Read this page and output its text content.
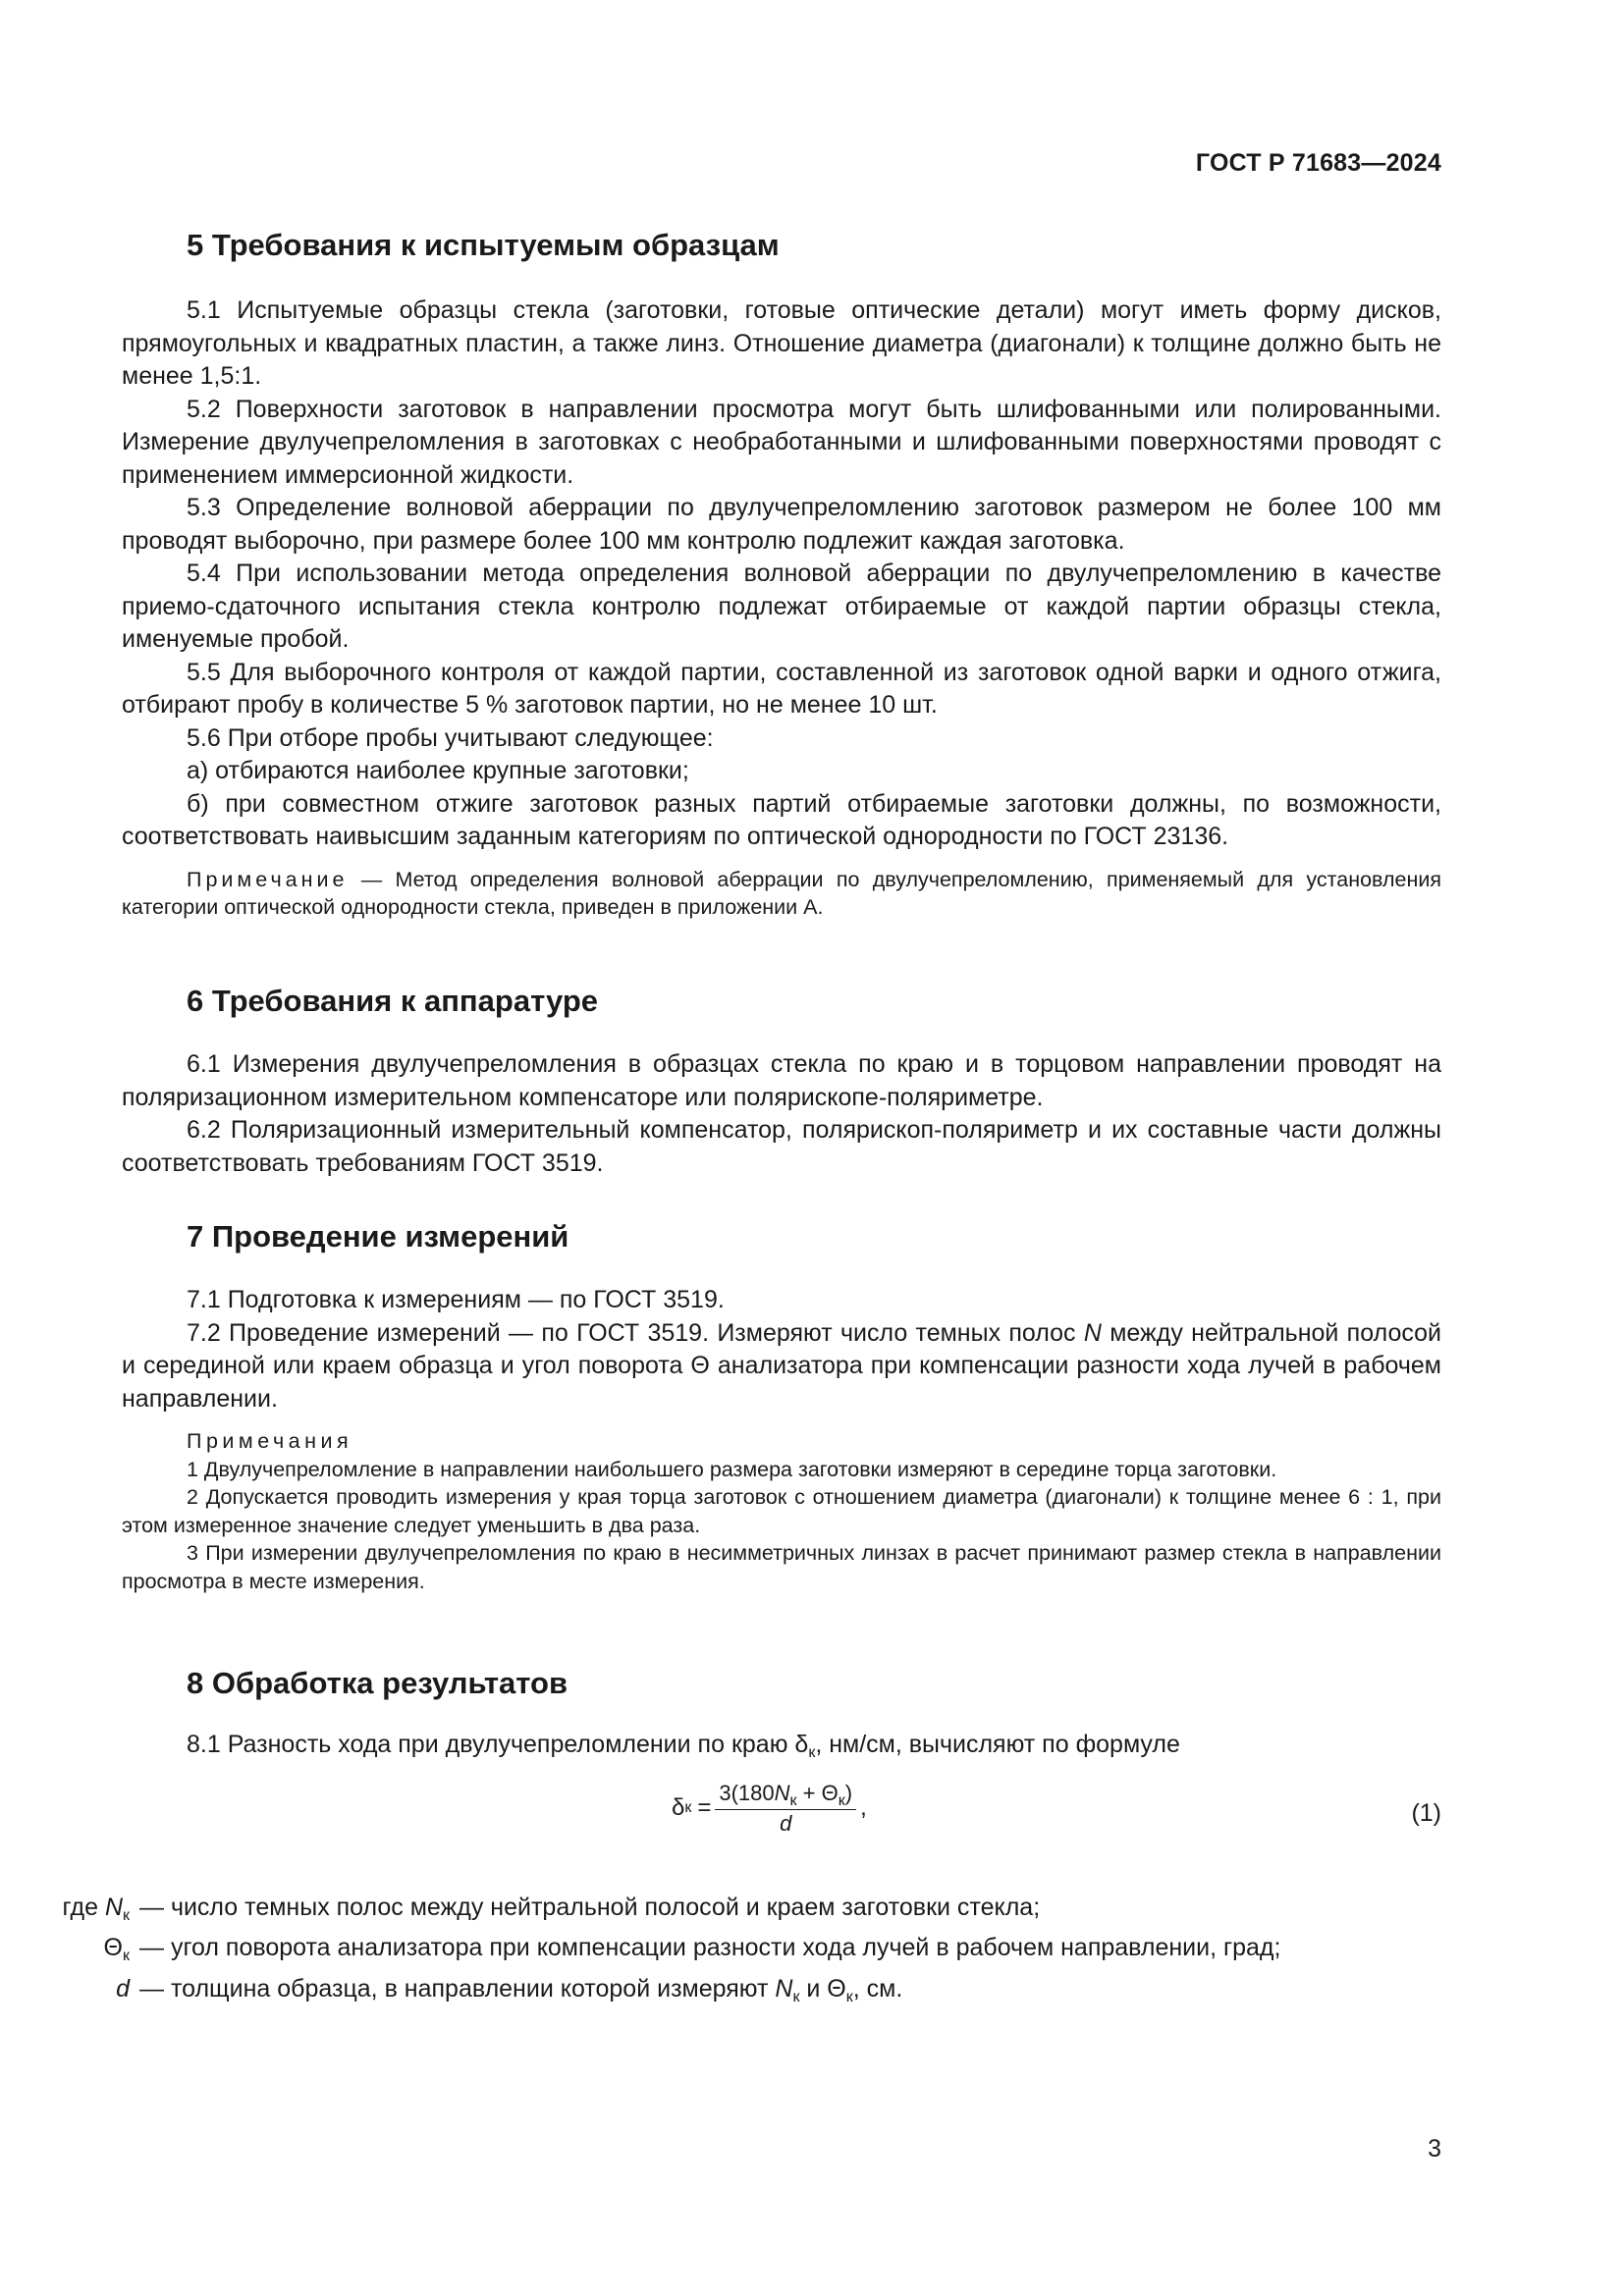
ГОСТ Р 71683—2024
5 Требования к испытуемым образцам

5.1 Испытуемые образцы стекла (заготовки, готовые оптические детали) могут иметь форму дисков, прямоугольных и квадратных пластин, а также линз. Отношение диаметра (диагонали) к толщине должно быть не менее 1,5:1.

5.2 Поверхности заготовок в направлении просмотра могут быть шлифованными или полированными. Измерение двулучепреломления в заготовках с необработанными и шлифованными поверхностями проводят с применением иммерсионной жидкости.

5.3 Определение волновой аберрации по двулучепреломлению заготовок размером не более 100 мм проводят выборочно, при размере более 100 мм контролю подлежит каждая заготовка.

5.4 При использовании метода определения волновой аберрации по двулучепреломлению в качестве приемо-сдаточного испытания стекла контролю подлежат отбираемые от каждой партии образцы стекла, именуемые пробой.

5.5 Для выборочного контроля от каждой партии, составленной из заготовок одной варки и одного отжига, отбирают пробу в количестве 5 % заготовок партии, но не менее 10 шт.

5.6 При отборе пробы учитывают следующее:

а) отбираются наиболее крупные заготовки;

б) при совместном отжиге заготовок разных партий отбираемые заготовки должны, по возможности, соответствовать наивысшим заданным категориям по оптической однородности по ГОСТ 23136.

Примечание — Метод определения волновой аберрации по двулучепреломлению, применяемый для установления категории оптической однородности стекла, приведен в приложении А.

6 Требования к аппаратуре

6.1 Измерения двулучепреломления в образцах стекла по краю и в торцовом направлении проводят на поляризационном измерительном компенсаторе или полярископе-поляриметре.

6.2 Поляризационный измерительный компенсатор, полярископ-поляриметр и их составные части должны соответствовать требованиям ГОСТ 3519.

7 Проведение измерений

7.1 Подготовка к измерениям — по ГОСТ 3519.

7.2 Проведение измерений — по ГОСТ 3519. Измеряют число темных полос N между нейтральной полосой и серединой или краем образца и угол поворота Θ анализатора при компенсации разности хода лучей в рабочем направлении.

Примечания

1 Двулучепреломление в направлении наибольшего размера заготовки измеряют в середине торца заготовки.

2 Допускается проводить измерения у края торца заготовок с отношением диаметра (диагонали) к толщине менее 6 : 1, при этом измеренное значение следует уменьшить в два раза.

3 При измерении двулучепреломления по краю в несимметричных линзах в расчет принимают размер стекла в направлении просмотра в месте измерения.

8 Обработка результатов

8.1 Разность хода при двулучепреломлении по краю $\delta_к$, нм/см, вычисляют по формуле

δ $к = \frac{3(180N_к + \Theta_к)}{d}$ ,	(1)
где $N_к$ — число темных полос между нейтральной полосой и краем заготовки стекла;
$\Theta_к$ — угол поворота анализатора при компенсации разности хода лучей в рабочем направлении, град;
d — толщина образца, в направлении которой измеряют $N_к$ и $\Theta_к$, см.
3
